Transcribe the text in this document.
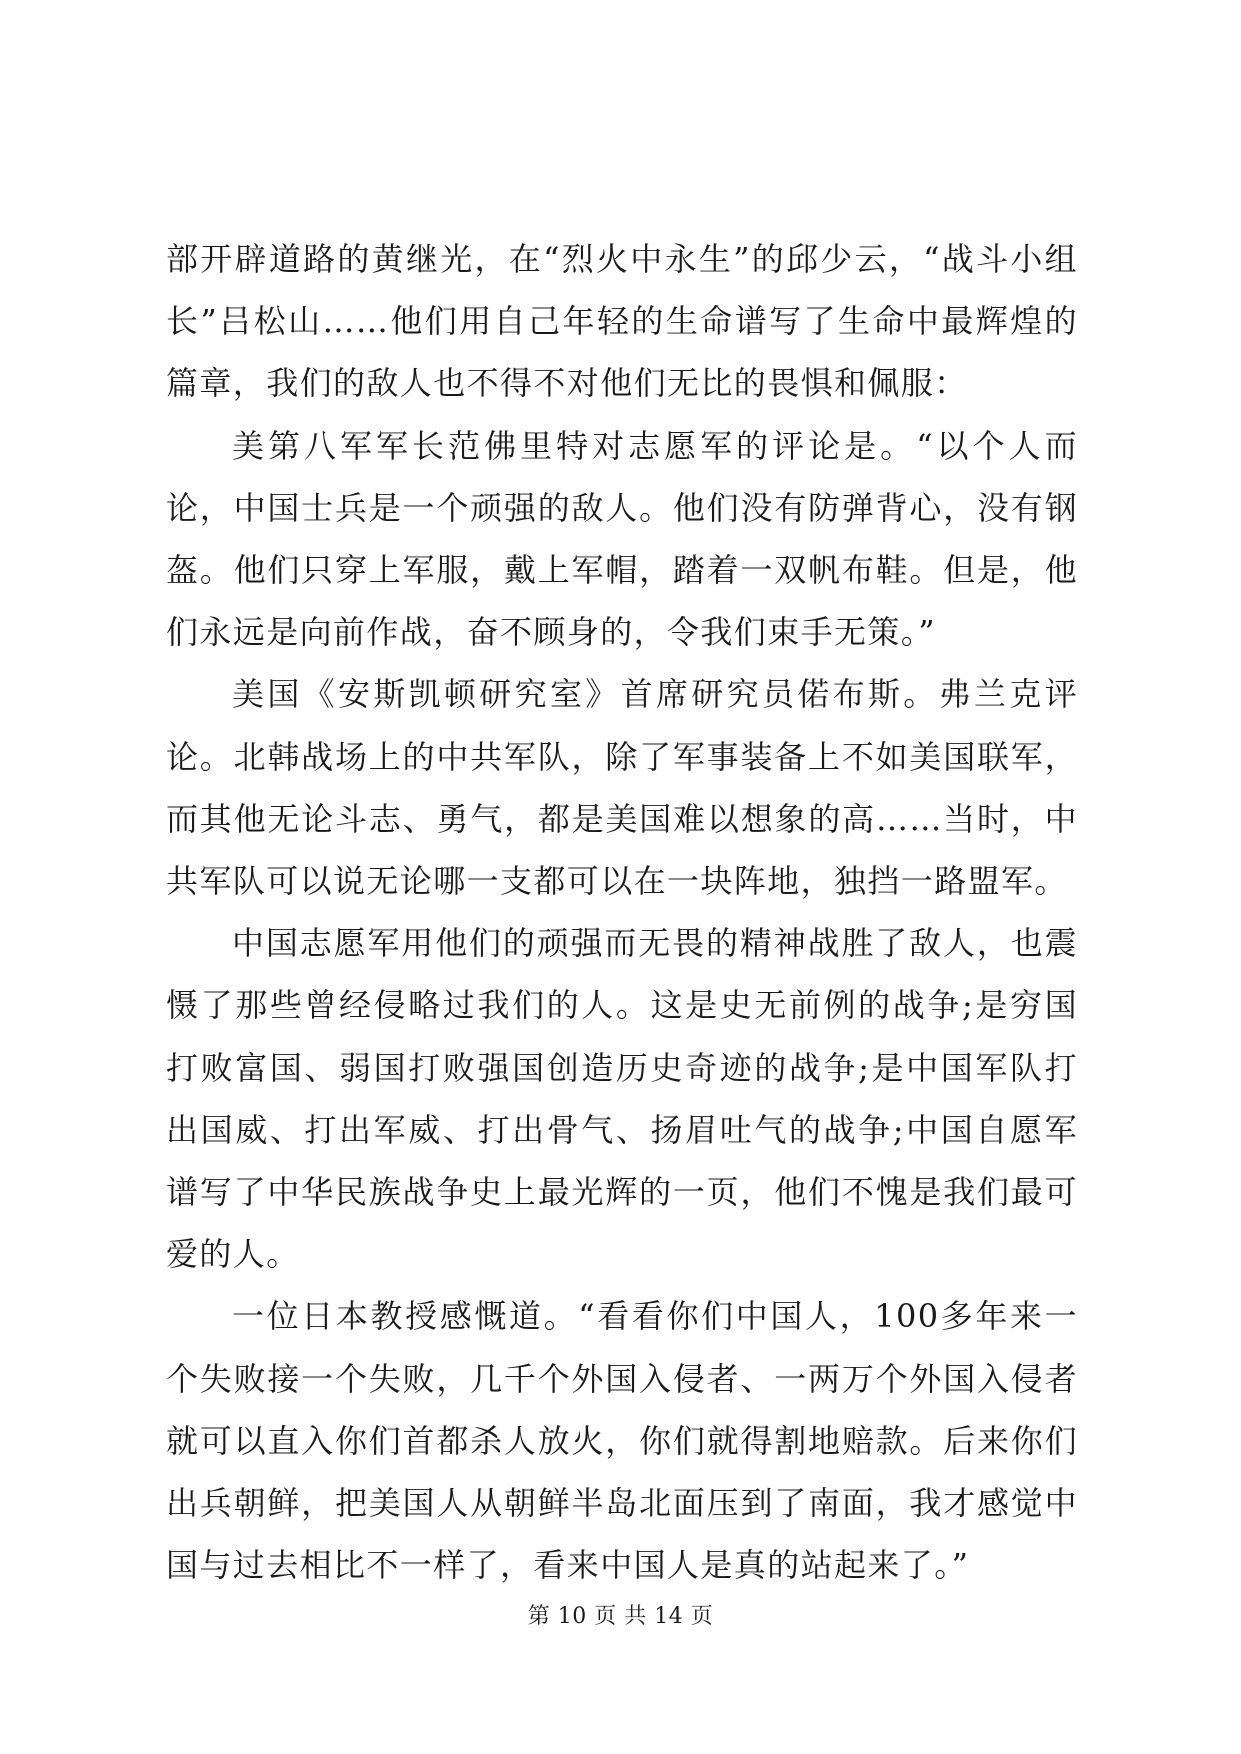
部开辟道路的黄继光，在“烈火中永生”的邱少云，“战斗小组长”吕松山……他们用自己年轻的生命谱写了生命中最辉煌的篇章，我们的敌人也不得不对他们无比的畏惧和佩服：

美第八军军长范佛里特对志愿军的评论是。“以个人而论，中国士兵是一个顽强的敌人。他们没有防弹背心，没有钢盔。他们只穿上军服，戴上军帽，踏着一双帆布鞋。但是，他们永远是向前作战，奋不顾身的，令我们束手无策。”

美国《安斯凯顿研究室》首席研究员偌布斯。弗兰克评论。北韩战场上的中共军队，除了军事装备上不如美国联军，而其他无论斗志、勇气，都是美国难以想象的高……当时，中共军队可以说无论哪一支都可以在一块阵地，独挡一路盟军。

中国志愿军用他们的顽强而无畏的精神战胜了敌人，也震慑了那些曾经侵略过我们的人。这是史无前例的战争;是穷国打败富国、弱国打败强国创造历史奇迹的战争;是中国军队打出国威、打出军威、打出骨气、扬眉吐气的战争;中国自愿军谱写了中华民族战争史上最光辉的一页，他们不愧是我们最可爱的人。

一位日本教授感慨道。“看看你们中国人，100多年来一个失败接一个失败，几千个外国入侵者、一两万个外国入侵者就可以直入你们首都杀人放火，你们就得割地赔款。后来你们出兵朝鲜，把美国人从朝鲜半岛北面压到了南面，我才感觉中国与过去相比不一样了，看来中国人是真的站起来了。”

第 10 页 共 14 页
